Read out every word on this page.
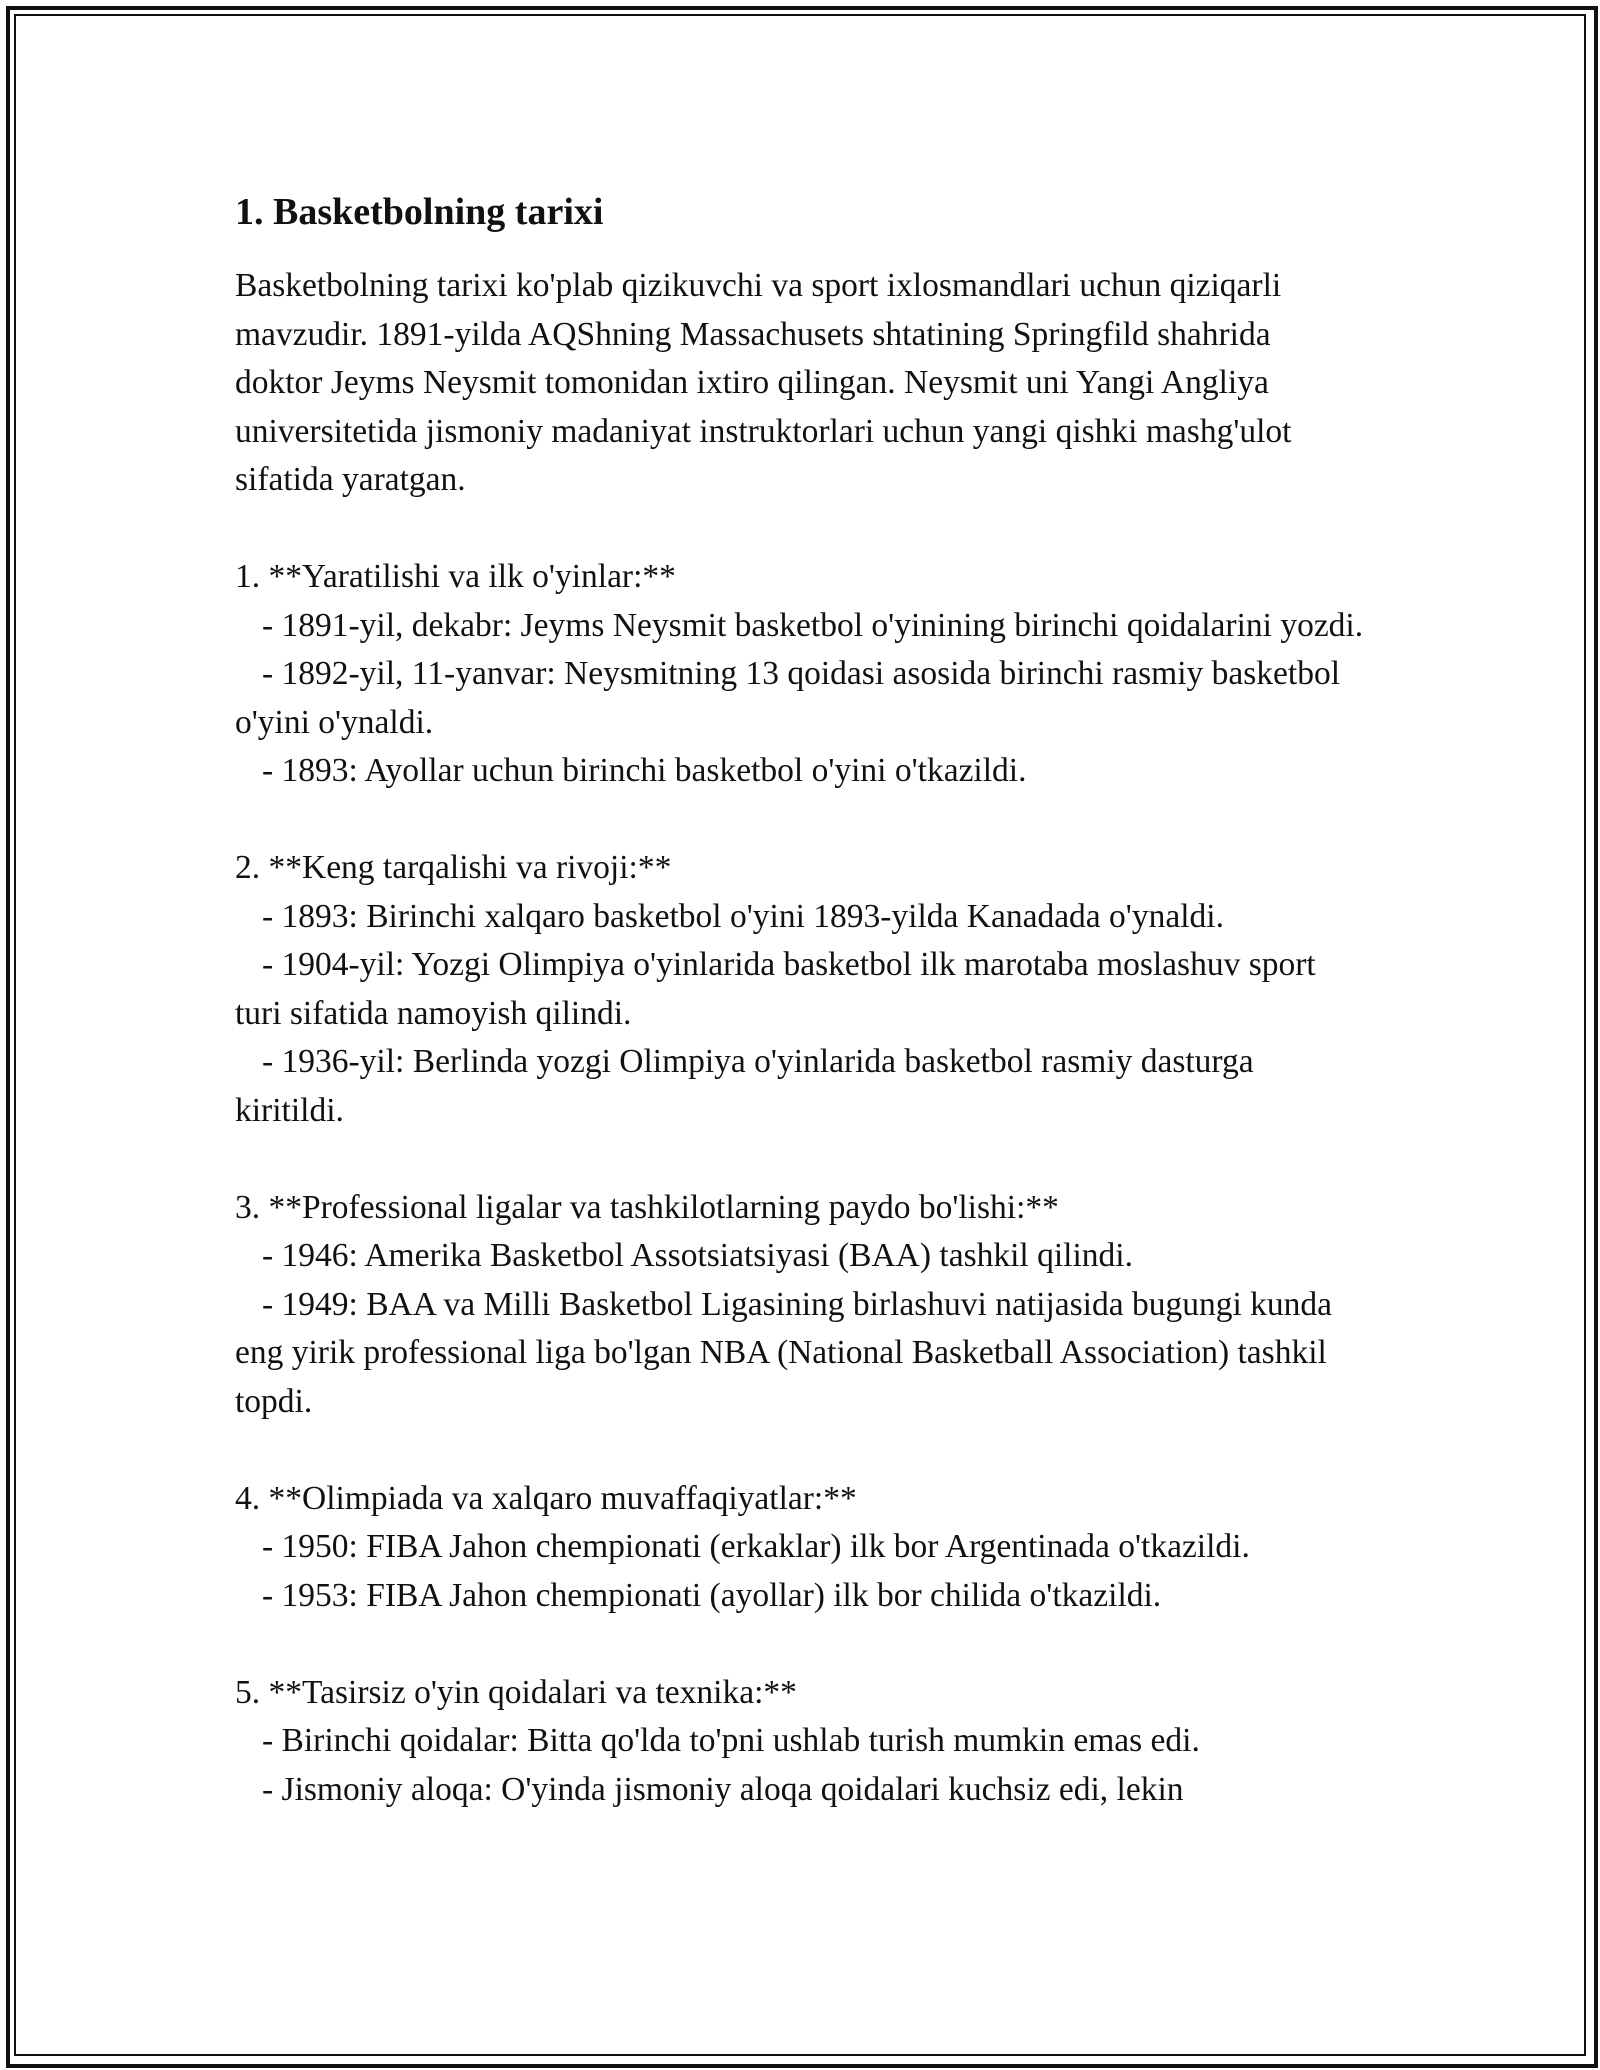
1. Basketbolning tarixi

Basketbolning tarixi ko'plab qizikuvchi va sport ixlosmandlari uchun qiziqarli mavzudir. 1891-yilda AQShning Massachusets shtatining Springfild shahrida doktor Jeyms Neysmit tomonidan ixtiro qilingan. Neysmit uni Yangi Angliya universitetida jismoniy madaniyat instruktorlari uchun yangi qishki mashg'ulot sifatida yaratgan.

1. **Yaratilishi va ilk o'yinlar:**

- 1891-yil, dekabr: Jeyms Neysmit basketbol o'yinining birinchi qoidalarini yozdi.

- 1892-yil, 11-yanvar: Neysmitning 13 qoidasi asosida birinchi rasmiy basketbol o'yini o'ynaldi.

- 1893: Ayollar uchun birinchi basketbol o'yini o'tkazildi.

2. **Keng tarqalishi va rivoji:**

- 1893: Birinchi xalqaro basketbol o'yini 1893-yilda Kanadada o'ynaldi.

- 1904-yil: Yozgi Olimpiya o'yinlarida basketbol ilk marotaba moslashuv sport turi sifatida namoyish qilindi.

- 1936-yil: Berlinda yozgi Olimpiya o'yinlarida basketbol rasmiy dasturga kiritildi.

3. **Professional ligalar va tashkilotlarning paydo bo'lishi:**

- 1946: Amerika Basketbol Assotsiatsiyasi (BAA) tashkil qilindi.

- 1949: BAA va Milli Basketbol Ligasining birlashuvi natijasida bugungi kunda eng yirik professional liga bo'lgan NBA (National Basketball Association) tashkil topdi.

4. **Olimpiada va xalqaro muvaffaqiyatlar:**

- 1950: FIBA Jahon chempionati (erkaklar) ilk bor Argentinada o'tkazildi.

- 1953: FIBA Jahon chempionati (ayollar) ilk bor chilida o'tkazildi.

5. **Tasirsiz o'yin qoidalari va texnika:**

- Birinchi qoidalar: Bitta qo'lda to'pni ushlab turish mumkin emas edi.

- Jismoniy aloqa: O'yinda jismoniy aloqa qoidalari kuchsiz edi, lekin
